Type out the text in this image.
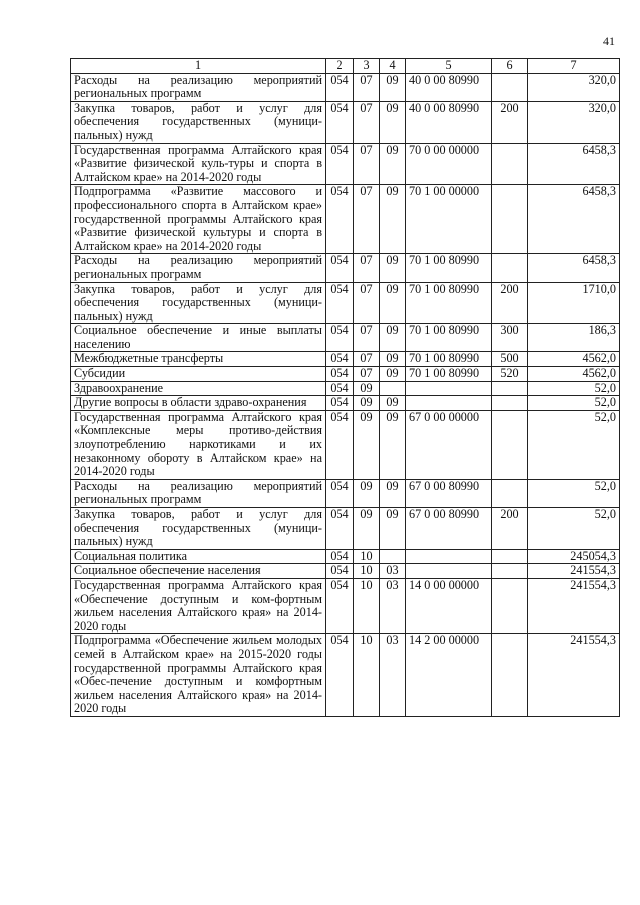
41
1	2	3	4	5	6	7
Расходы на реализацию мероприятий региональных программ	054	07	09	40 0 00 80990		320,0
Закупка товаров, работ и услуг для обеспечения государственных (муници-пальных) нужд	054	07	09	40 0 00 80990	200	320,0
Государственная программа Алтайского края «Развитие физической куль-туры и спорта в Алтайском крае» на 2014-2020 годы	054	07	09	70 0 00 00000		6458,3
Подпрограмма «Развитие массового и профессионального спорта в Алтайском крае» государственной программы Алтайского края «Развитие физической культуры и спорта в Алтайском крае» на 2014-2020 годы	054	07	09	70 1 00 00000		6458,3
Расходы на реализацию мероприятий региональных программ	054	07	09	70 1 00 80990		6458,3
Закупка товаров, работ и услуг для обеспечения государственных (муници-пальных) нужд	054	07	09	70 1 00 80990	200	1710,0
Социальное обеспечение и иные выплаты населению	054	07	09	70 1 00 80990	300	186,3
Межбюджетные трансферты	054	07	09	70 1 00 80990	500	4562,0
Субсидии	054	07	09	70 1 00 80990	520	4562,0
Здравоохранение	054	09				52,0
Другие вопросы в области здраво-охранения	054	09	09			52,0
Государственная программа Алтайского края «Комплексные меры противо-действия злоупотреблению наркотиками и их незаконному обороту в Алтайском крае» на 2014-2020 годы	054	09	09	67 0 00 00000		52,0
Расходы на реализацию мероприятий региональных программ	054	09	09	67 0 00 80990		52,0
Закупка товаров, работ и услуг для обеспечения государственных (муници-пальных) нужд	054	09	09	67 0 00 80990	200	52,0
Социальная политика	054	10				245054,3
Социальное обеспечение населения	054	10	03			241554,3
Государственная программа Алтайского края «Обеспечение доступным и ком-фортным жильем населения Алтайского края» на 2014-2020 годы	054	10	03	14 0 00 00000		241554,3
Подпрограмма «Обеспечение жильем молодых семей в Алтайском крае» на 2015-2020 годы государственной программы Алтайского края «Обес-печение доступным и комфортным жильем населения Алтайского края» на 2014-2020 годы	054	10	03	14 2 00 00000		241554,3
